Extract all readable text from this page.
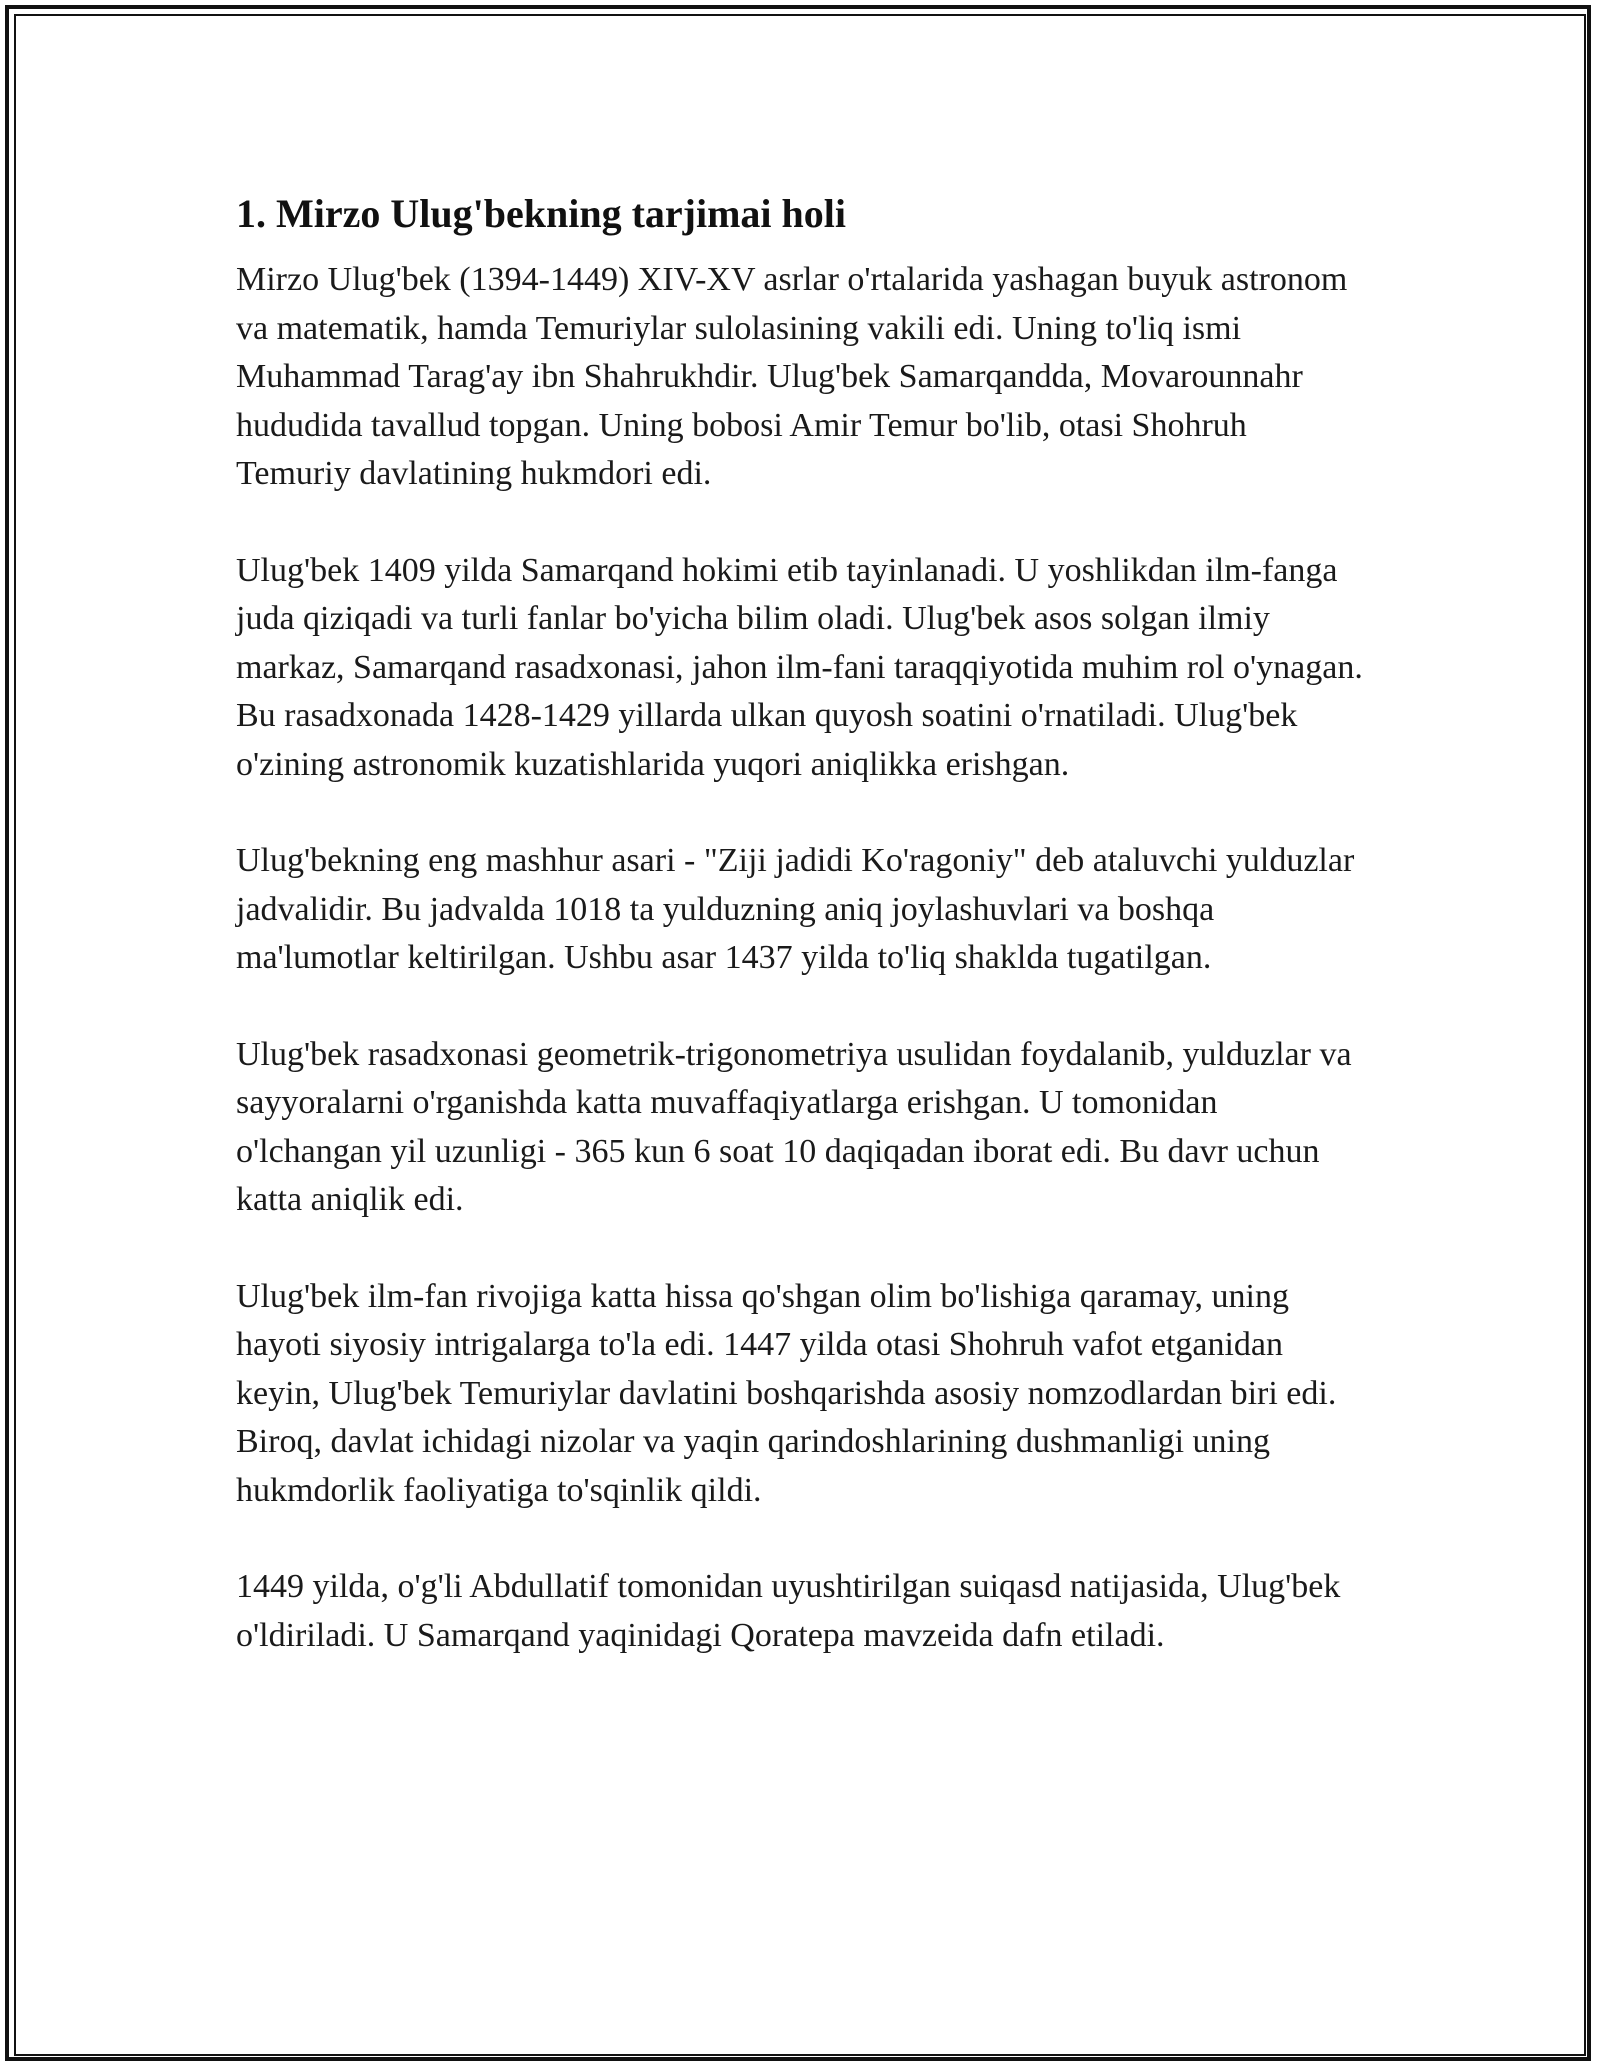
1. Mirzo Ulug'bekning tarjimai holi

Mirzo Ulug'bek (1394-1449) XIV-XV asrlar o'rtalarida yashagan buyuk astronom va matematik, hamda Temuriylar sulolasining vakili edi. Uning to'liq ismi Muhammad Tarag'ay ibn Shahrukhdir. Ulug'bek Samarqandda, Movarounnahr hududida tavallud topgan. Uning bobosi Amir Temur bo'lib, otasi Shohruh Temuriy davlatining hukmdori edi.

Ulug'bek 1409 yilda Samarqand hokimi etib tayinlanadi. U yoshlikdan ilm-fanga juda qiziqadi va turli fanlar bo'yicha bilim oladi. Ulug'bek asos solgan ilmiy markaz, Samarqand rasadxonasi, jahon ilm-fani taraqqiyotida muhim rol o'ynagan. Bu rasadxonada 1428-1429 yillarda ulkan quyosh soatini o'rnatiladi. Ulug'bek o'zining astronomik kuzatishlarida yuqori aniqlikka erishgan.

Ulug'bekning eng mashhur asari - "Ziji jadidi Ko'ragoniy" deb ataluvchi yulduzlar jadvalidir. Bu jadvalda 1018 ta yulduzning aniq joylashuvlari va boshqa ma'lumotlar keltirilgan. Ushbu asar 1437 yilda to'liq shaklda tugatilgan.

Ulug'bek rasadxonasi geometrik-trigonometriya usulidan foydalanib, yulduzlar va sayyoralarni o'rganishda katta muvaffaqiyatlarga erishgan. U tomonidan o'lchangan yil uzunligi - 365 kun 6 soat 10 daqiqadan iborat edi. Bu davr uchun katta aniqlik edi.

Ulug'bek ilm-fan rivojiga katta hissa qo'shgan olim bo'lishiga qaramay, uning hayoti siyosiy intrigalarga to'la edi. 1447 yilda otasi Shohruh vafot etganidan keyin, Ulug'bek Temuriylar davlatini boshqarishda asosiy nomzodlardan biri edi. Biroq, davlat ichidagi nizolar va yaqin qarindoshlarining dushmanligi uning hukmdorlik faoliyatiga to'sqinlik qildi.

1449 yilda, o'g'li Abdullatif tomonidan uyushtirilgan suiqasd natijasida, Ulug'bek o'ldiriladi. U Samarqand yaqinidagi Qoratepa mavzeida dafn etiladi.
